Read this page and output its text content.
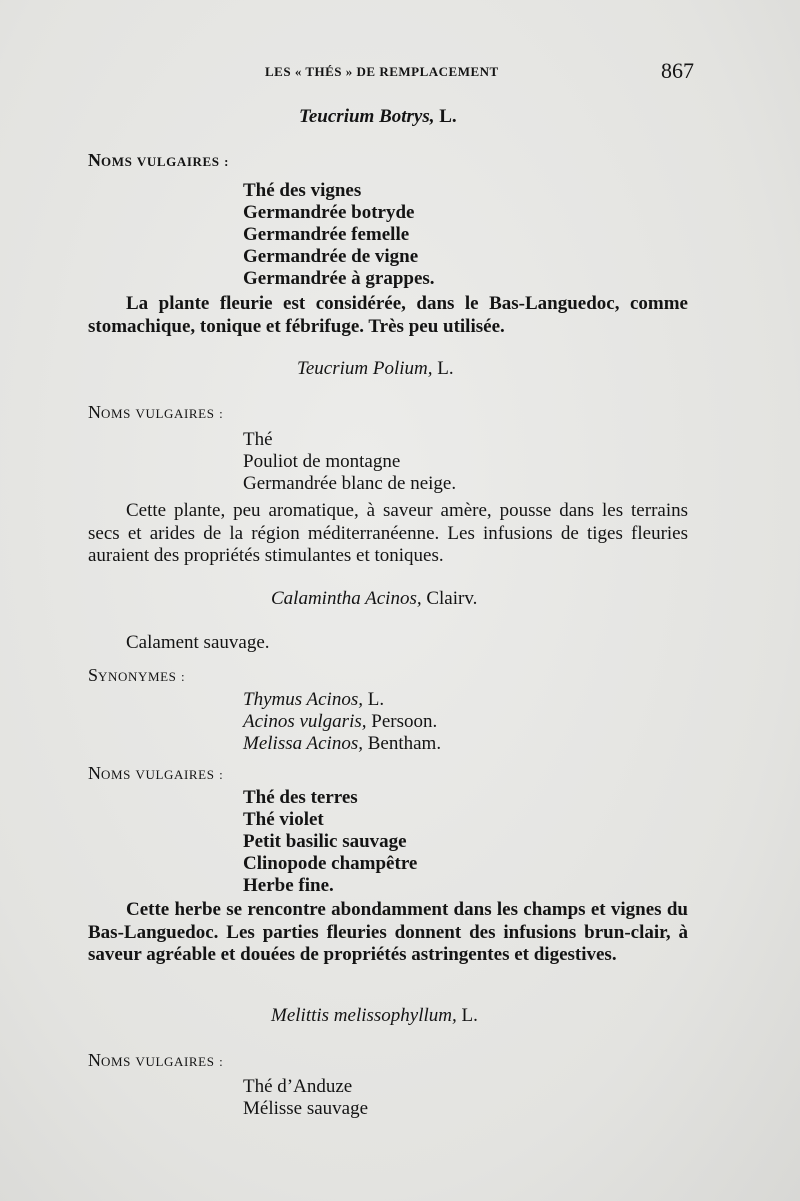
LES « THÉS » DE REMPLACEMENT	867
Teucrium Botrys, L.
NOMS VULGAIRES :
Thé des vignes
Germandrée botryde
Germandrée femelle
Germandrée de vigne
Germandrée à grappes.
La plante fleurie est considérée, dans le Bas-Languedoc, comme stomachique, tonique et fébrifuge. Très peu utilisée.
Teucrium Polium, L.
NOMS VULGAIRES :
Thé
Pouliot de montagne
Germandrée blanc de neige.
Cette plante, peu aromatique, à saveur amère, pousse dans les terrains secs et arides de la région méditerranéenne. Les infusions de tiges fleuries auraient des propriétés stimulantes et toniques.
Calamintha Acinos, Clairv.
Calament sauvage.
SYNONYMES :
Thymus Acinos, L.
Acinos vulgaris, Persoon.
Melissa Acinos, Bentham.
NOMS VULGAIRES :
Thé des terres
Thé violet
Petit basilic sauvage
Clinopode champêtre
Herbe fine.
Cette herbe se rencontre abondamment dans les champs et vignes du Bas-Languedoc. Les parties fleuries donnent des infusions brun-clair, à saveur agréable et douées de propriétés astringentes et digestives.
Melittis melissophyllum, L.
NOMS VULGAIRES :
Thé d’Anduze
Mélisse sauvage
